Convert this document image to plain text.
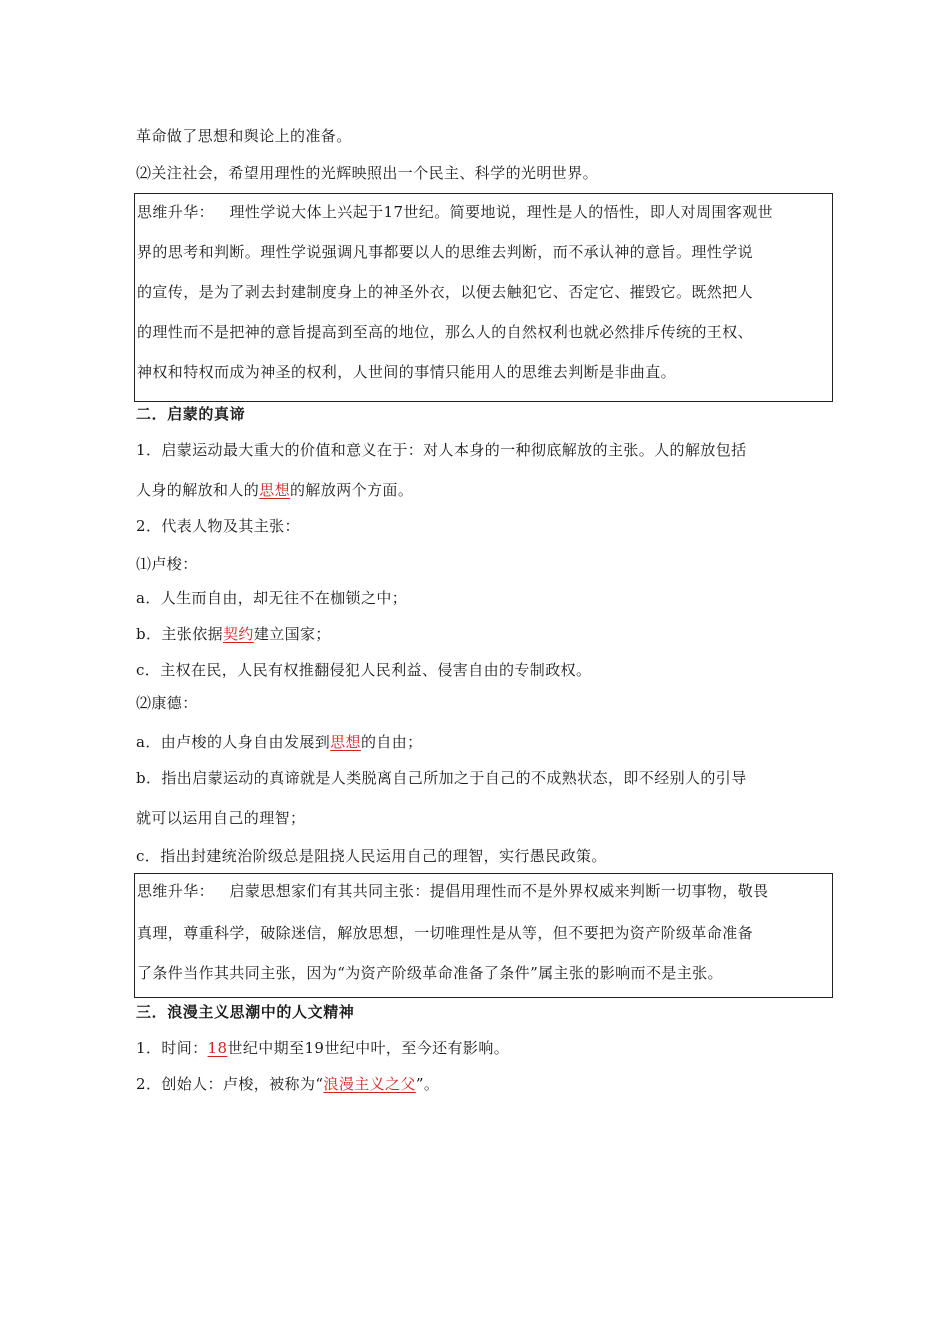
革命做了思想和舆论上的准备。
⑵关注社会，希望用理性的光辉映照出一个民主、科学的光明世界。
思维升华： 理性学说大体上兴起于17世纪。简要地说，理性是人的悟性，即人对周围客观世
界的思考和判断。理性学说强调凡事都要以人的思维去判断，而不承认神的意旨。理性学说
的宣传，是为了剥去封建制度身上的神圣外衣，以便去触犯它、否定它、摧毁它。既然把人
的理性而不是把神的意旨提高到至高的地位，那么人的自然权利也就必然排斥传统的王权、
神权和特权而成为神圣的权利，人世间的事情只能用人的思维去判断是非曲直。
二．启蒙的真谛
1．启蒙运动最大重大的价值和意义在于：对人本身的一种彻底解放的主张。人的解放包括
人身的解放和人的思想的解放两个方面。
2．代表人物及其主张：
⑴卢梭：
a．人生而自由，却无往不在枷锁之中；
b．主张依据契约建立国家；
c．主权在民，人民有权推翻侵犯人民利益、侵害自由的专制政权。
⑵康德：
a．由卢梭的人身自由发展到思想的自由；
b．指出启蒙运动的真谛就是人类脱离自己所加之于自己的不成熟状态，即不经别人的引导
就可以运用自己的理智；
c．指出封建统治阶级总是阻挠人民运用自己的理智，实行愚民政策。
思维升华： 启蒙思想家们有其共同主张：提倡用理性而不是外界权威来判断一切事物，敬畏
真理，尊重科学，破除迷信，解放思想，一切唯理性是从等，但不要把为资产阶级革命准备
了条件当作其共同主张，因为“为资产阶级革命准备了条件”属主张的影响而不是主张。
三．浪漫主义思潮中的人文精神
1．时间：18世纪中期至19世纪中叶，至今还有影响。
2．创始人：卢梭，被称为“浪漫主义之父”。
